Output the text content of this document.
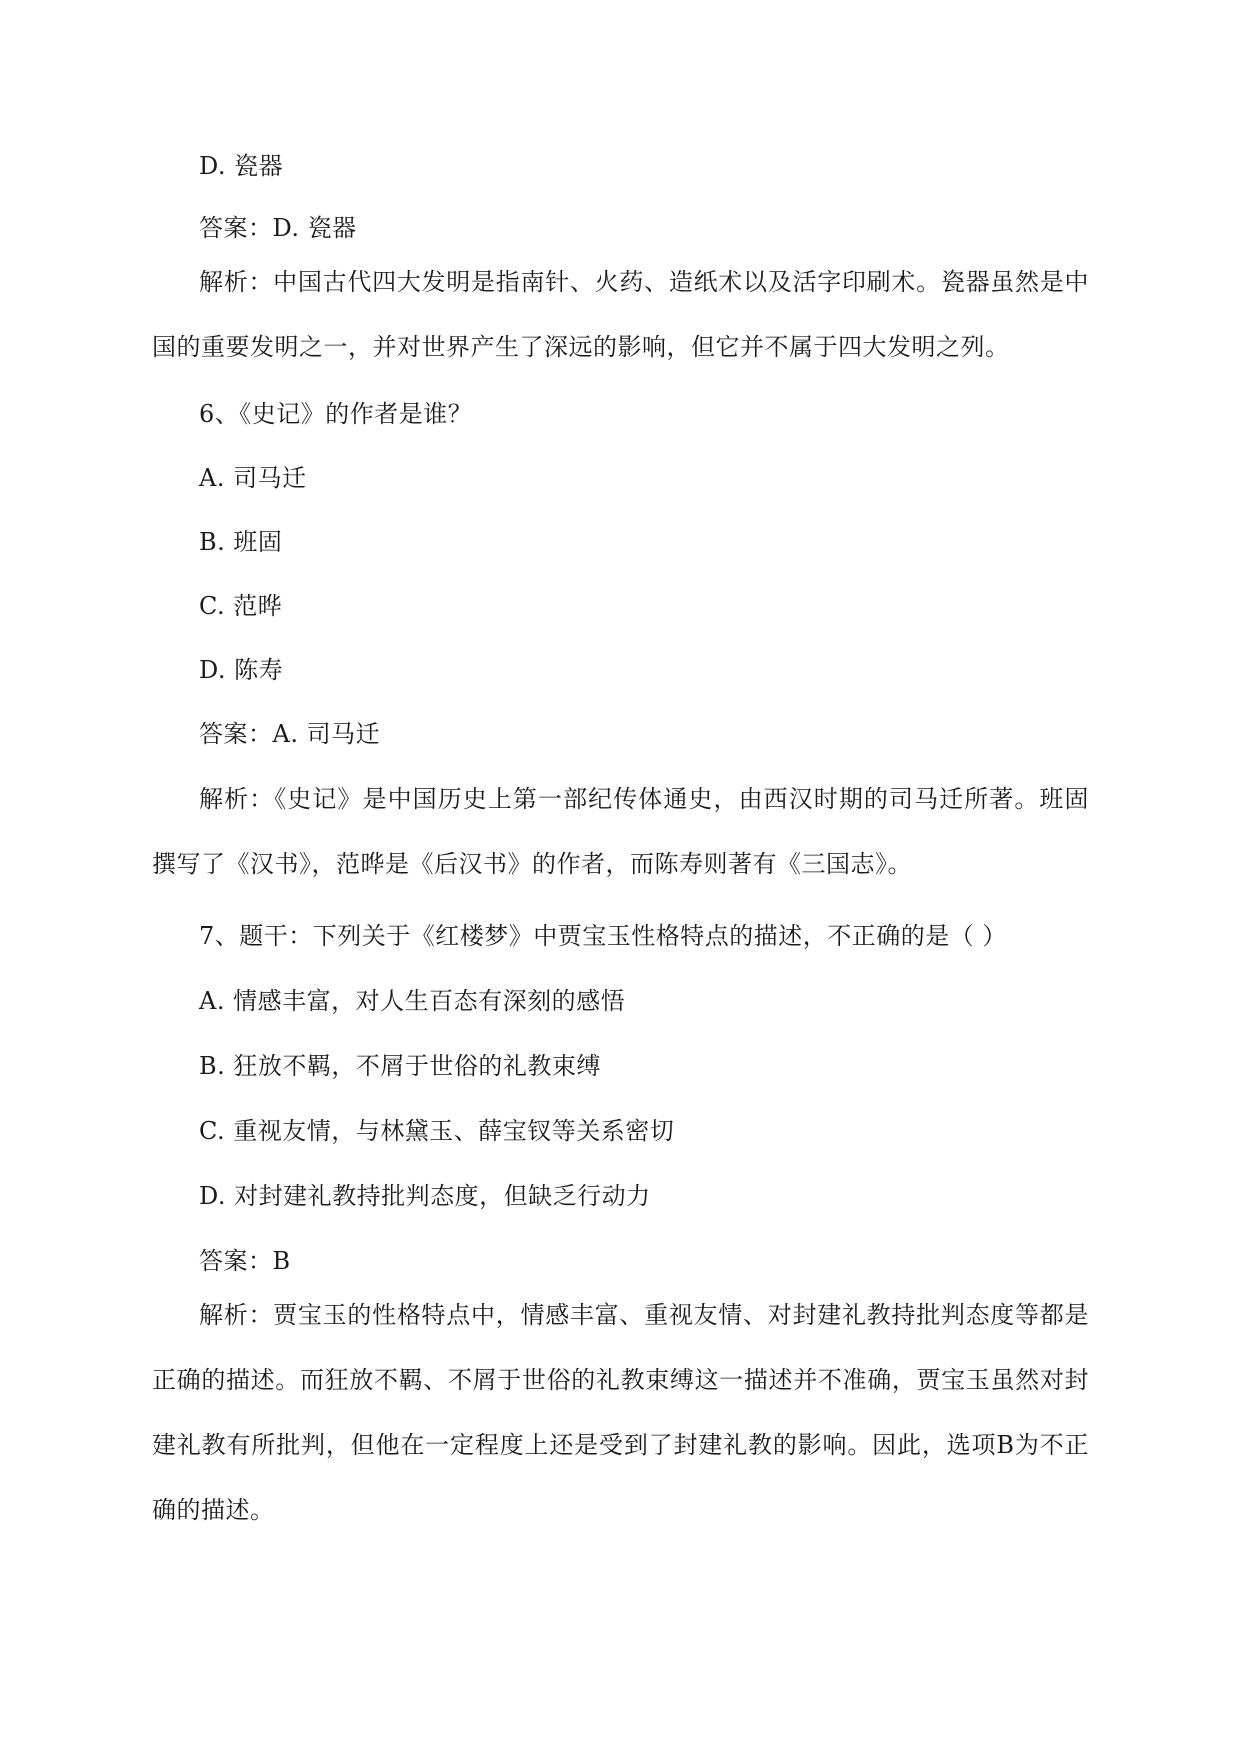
D. 瓷器
答案：D. 瓷器
解析：中国古代四大发明是指南针、火药、造纸术以及活字印刷术。瓷器虽然是中国的重要发明之一，并对世界产生了深远的影响，但它并不属于四大发明之列。
6、《史记》的作者是谁？
A. 司马迁
B. 班固
C. 范晔
D. 陈寿
答案：A. 司马迁
解析：《史记》是中国历史上第一部纪传体通史，由西汉时期的司马迁所著。班固撰写了《汉书》，范晔是《后汉书》的作者，而陈寿则著有《三国志》。
7、题干：下列关于《红楼梦》中贾宝玉性格特点的描述，不正确的是（ ）
A. 情感丰富，对人生百态有深刻的感悟
B. 狂放不羁，不屑于世俗的礼教束缚
C. 重视友情，与林黛玉、薛宝钗等关系密切
D. 对封建礼教持批判态度，但缺乏行动力
答案：B
解析：贾宝玉的性格特点中，情感丰富、重视友情、对封建礼教持批判态度等都是正确的描述。而狂放不羁、不屑于世俗的礼教束缚这一描述并不准确，贾宝玉虽然对封建礼教有所批判，但他在一定程度上还是受到了封建礼教的影响。因此，选项B为不正确的描述。
